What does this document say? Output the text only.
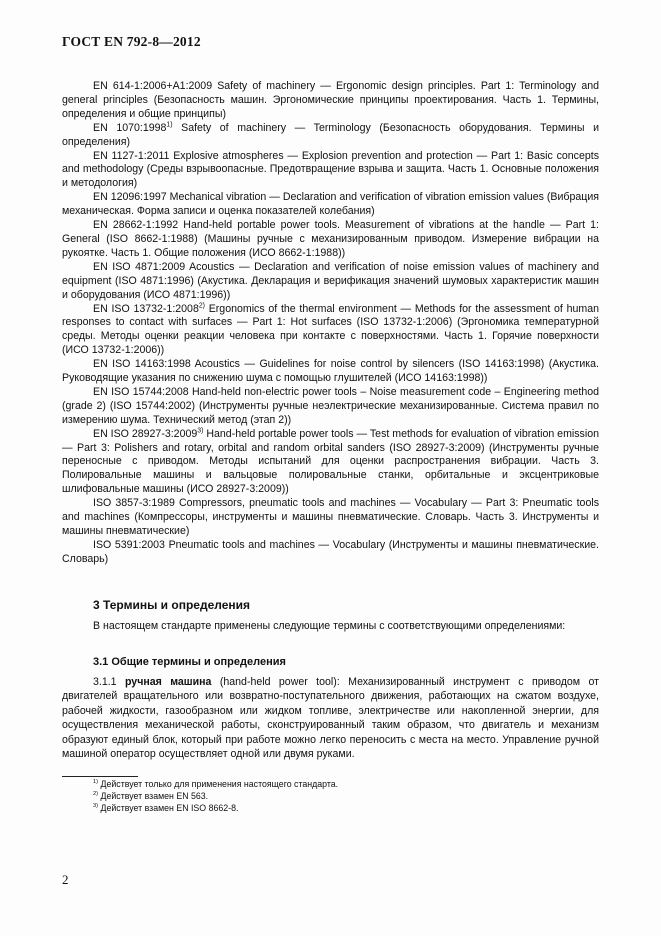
ГОСТ EN 792-8—2012

EN 614-1:2006+A1:2009 Safety of machinery — Ergonomic design principles. Part 1: Terminology and general principles (Безопасность машин. Эргономические принципы проектирования. Часть 1. Термины, определения и общие принципы)

EN 1070:1998$^{1)}$ Safety of machinery — Terminology (Безопасность оборудования. Термины и определения)

EN 1127-1:2011 Explosive atmospheres — Explosion prevention and protection — Part 1: Basic concepts and methodology (Среды взрывоопасные. Предотвращение взрыва и защита. Часть 1. Основные положения и методология)

EN 12096:1997 Mechanical vibration — Declaration and verification of vibration emission values (Вибрация механическая. Форма записи и оценка показателей колебания)

EN 28662-1:1992 Hand-held portable power tools. Measurement of vibrations at the handle — Part 1: General (ISO 8662-1:1988) (Машины ручные с механизированным приводом. Измерение вибрации на рукоятке. Часть 1. Общие положения (ИСО 8662-1:1988))

EN ISO 4871:2009 Acoustics — Declaration and verification of noise emission values of machinery and equipment (ISO 4871:1996) (Акустика. Декларация и верификация значений шумовых характеристик машин и оборудования (ИСО 4871:1996))

EN ISO 13732-1:2008$^{2)}$ Ergonomics of the thermal environment — Methods for the assessment of human responses to contact with surfaces — Part 1: Hot surfaces (ISO 13732-1:2006) (Эргономика температурной среды. Методы оценки реакции человека при контакте с поверхностями. Часть 1. Горячие поверхности (ИСО 13732-1:2006))

EN ISO 14163:1998 Acoustics — Guidelines for noise control by silencers (ISO 14163:1998) (Акустика. Руководящие указания по снижению шума с помощью глушителей (ИСО 14163:1998))

EN ISO 15744:2008 Hand-held non-electric power tools – Noise measurement code – Engineering method (grade 2) (ISO 15744:2002) (Инструменты ручные неэлектрические механизированные. Система правил по измерению шума. Технический метод (этап 2))

EN ISO 28927-3:2009$^{3)}$ Hand-held portable power tools — Test methods for evaluation of vibration emission — Part 3: Polishers and rotary, orbital and random orbital sanders (ISO 28927-3:2009) (Инструменты ручные переносные с приводом. Методы испытаний для оценки распространения вибрации. Часть 3. Полировальные машины и вальцовые полировальные станки, орбитальные и эксцентриковые шлифовальные машины (ИСО 28927-3:2009))

ISO 3857-3:1989 Compressors, pneumatic tools and machines — Vocabulary — Part 3: Pneumatic tools and machines (Компрессоры, инструменты и машины пневматические. Словарь. Часть 3. Инструменты и машины пневматические)

ISO 5391:2003 Pneumatic tools and machines — Vocabulary (Инструменты и машины пневматические. Словарь)

3 Термины и определения

В настоящем стандарте применены следующие термины с соответствующими определениями:

3.1 Общие термины и определения

3.1.1 ручная машина (hand-held power tool): Механизированный инструмент с приводом от двигателей вращательного или возвратно-поступательного движения, работающих на сжатом воздухе, рабочей жидкости, газообразном или жидком топливе, электричестве или накопленной энергии, для осуществления механической работы, сконструированный таким образом, что двигатель и механизм образуют единый блок, который при работе можно легко переносить с места на место. Управление ручной машиной оператор осуществляет одной или двумя руками.

$^{1)}$ Действует только для применения настоящего стандарта.

$^{2)}$ Действует взамен EN 563.

$^{3)}$ Действует взамен EN ISO 8662-8.

2
